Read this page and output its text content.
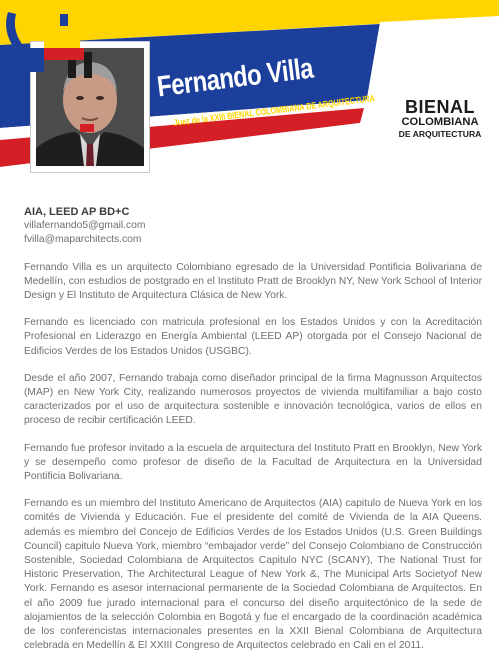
Fernando Villa
Juez de la XXIII BIENAL COLOMBIANA DE ARQUITECTURA	BIENAL
COLOMBIANA
DE ARQUITECTURA
AIA, LEED AP BD+C
villafernando5@gmail.com
fvilla@maparchitects.com

Fernando Villa es un arquitecto Colombiano egresado de la Universidad Pontificia Bolivariana de Medellín, con estudios de postgrado en el Instituto Pratt de Brooklyn NY, New York School of Interior Design y El Instituto de Arquitectura Clásica de New York.

Fernando es licenciado con matricula profesional en los Estados Unidos y con la Acreditación Profesional en Liderazgo en Energía Ambiental (LEED AP) otorgada por el Consejo Nacional de Edificios Verdes de los Estados Unidos (USGBC).

Desde el año 2007, Fernando trabaja como diseñador principal de la firma Magnusson Arquitectos (MAP) en New York City, realizando numerosos proyectos de vivienda multifamiliar a bajo costo caracterizados por el uso de arquitectura sostenible e innovación tecnológica, varios de ellos en proceso de recibir certificación LEED.

Fernando fue profesor invitado a la escuela de arquitectura del Instituto Pratt en Brooklyn, New York y se desempeño como profesor de diseño de la Facultad de Arquitectura en la Universidad Pontificia Bolivariana.

Fernando es un miembro del Instituto Americano de Arquitectos (AIA) capitulo de Nueva York en los comités de Vivienda y Educación. Fue el presidente del comité de Vivienda de la AIA Queens. además es miembro del Concejo de Edificios Verdes de los Estados Unidos (U.S. Green Buildings Council) capitulo Nueva York, miembro “embajador verde” del Consejo Colombiano de Construcción Sostenible, Sociedad Colombiana de Arquitectos Capitulo NYC (SCANY), The National Trust for Historic Preservation, The Architectural League of New York &, The Municipal Arts Societyof New York. Fernando es asesor internacional permanente de la Sociedad Colombiana de Arquitectos. En el año 2009 fue jurado internacional para el concurso del diseño arquitectónico de la sede de alojamientos de la selección Colombia en Bogotá y fue el encargado de la coordinación académica de los conferencistas internacionales presentes en la XXII Bienal Colombiana de Arquitectura celebrada en Medellín & El XXIII Congreso de Arquitectos celebrado en Cali en el 2011.
